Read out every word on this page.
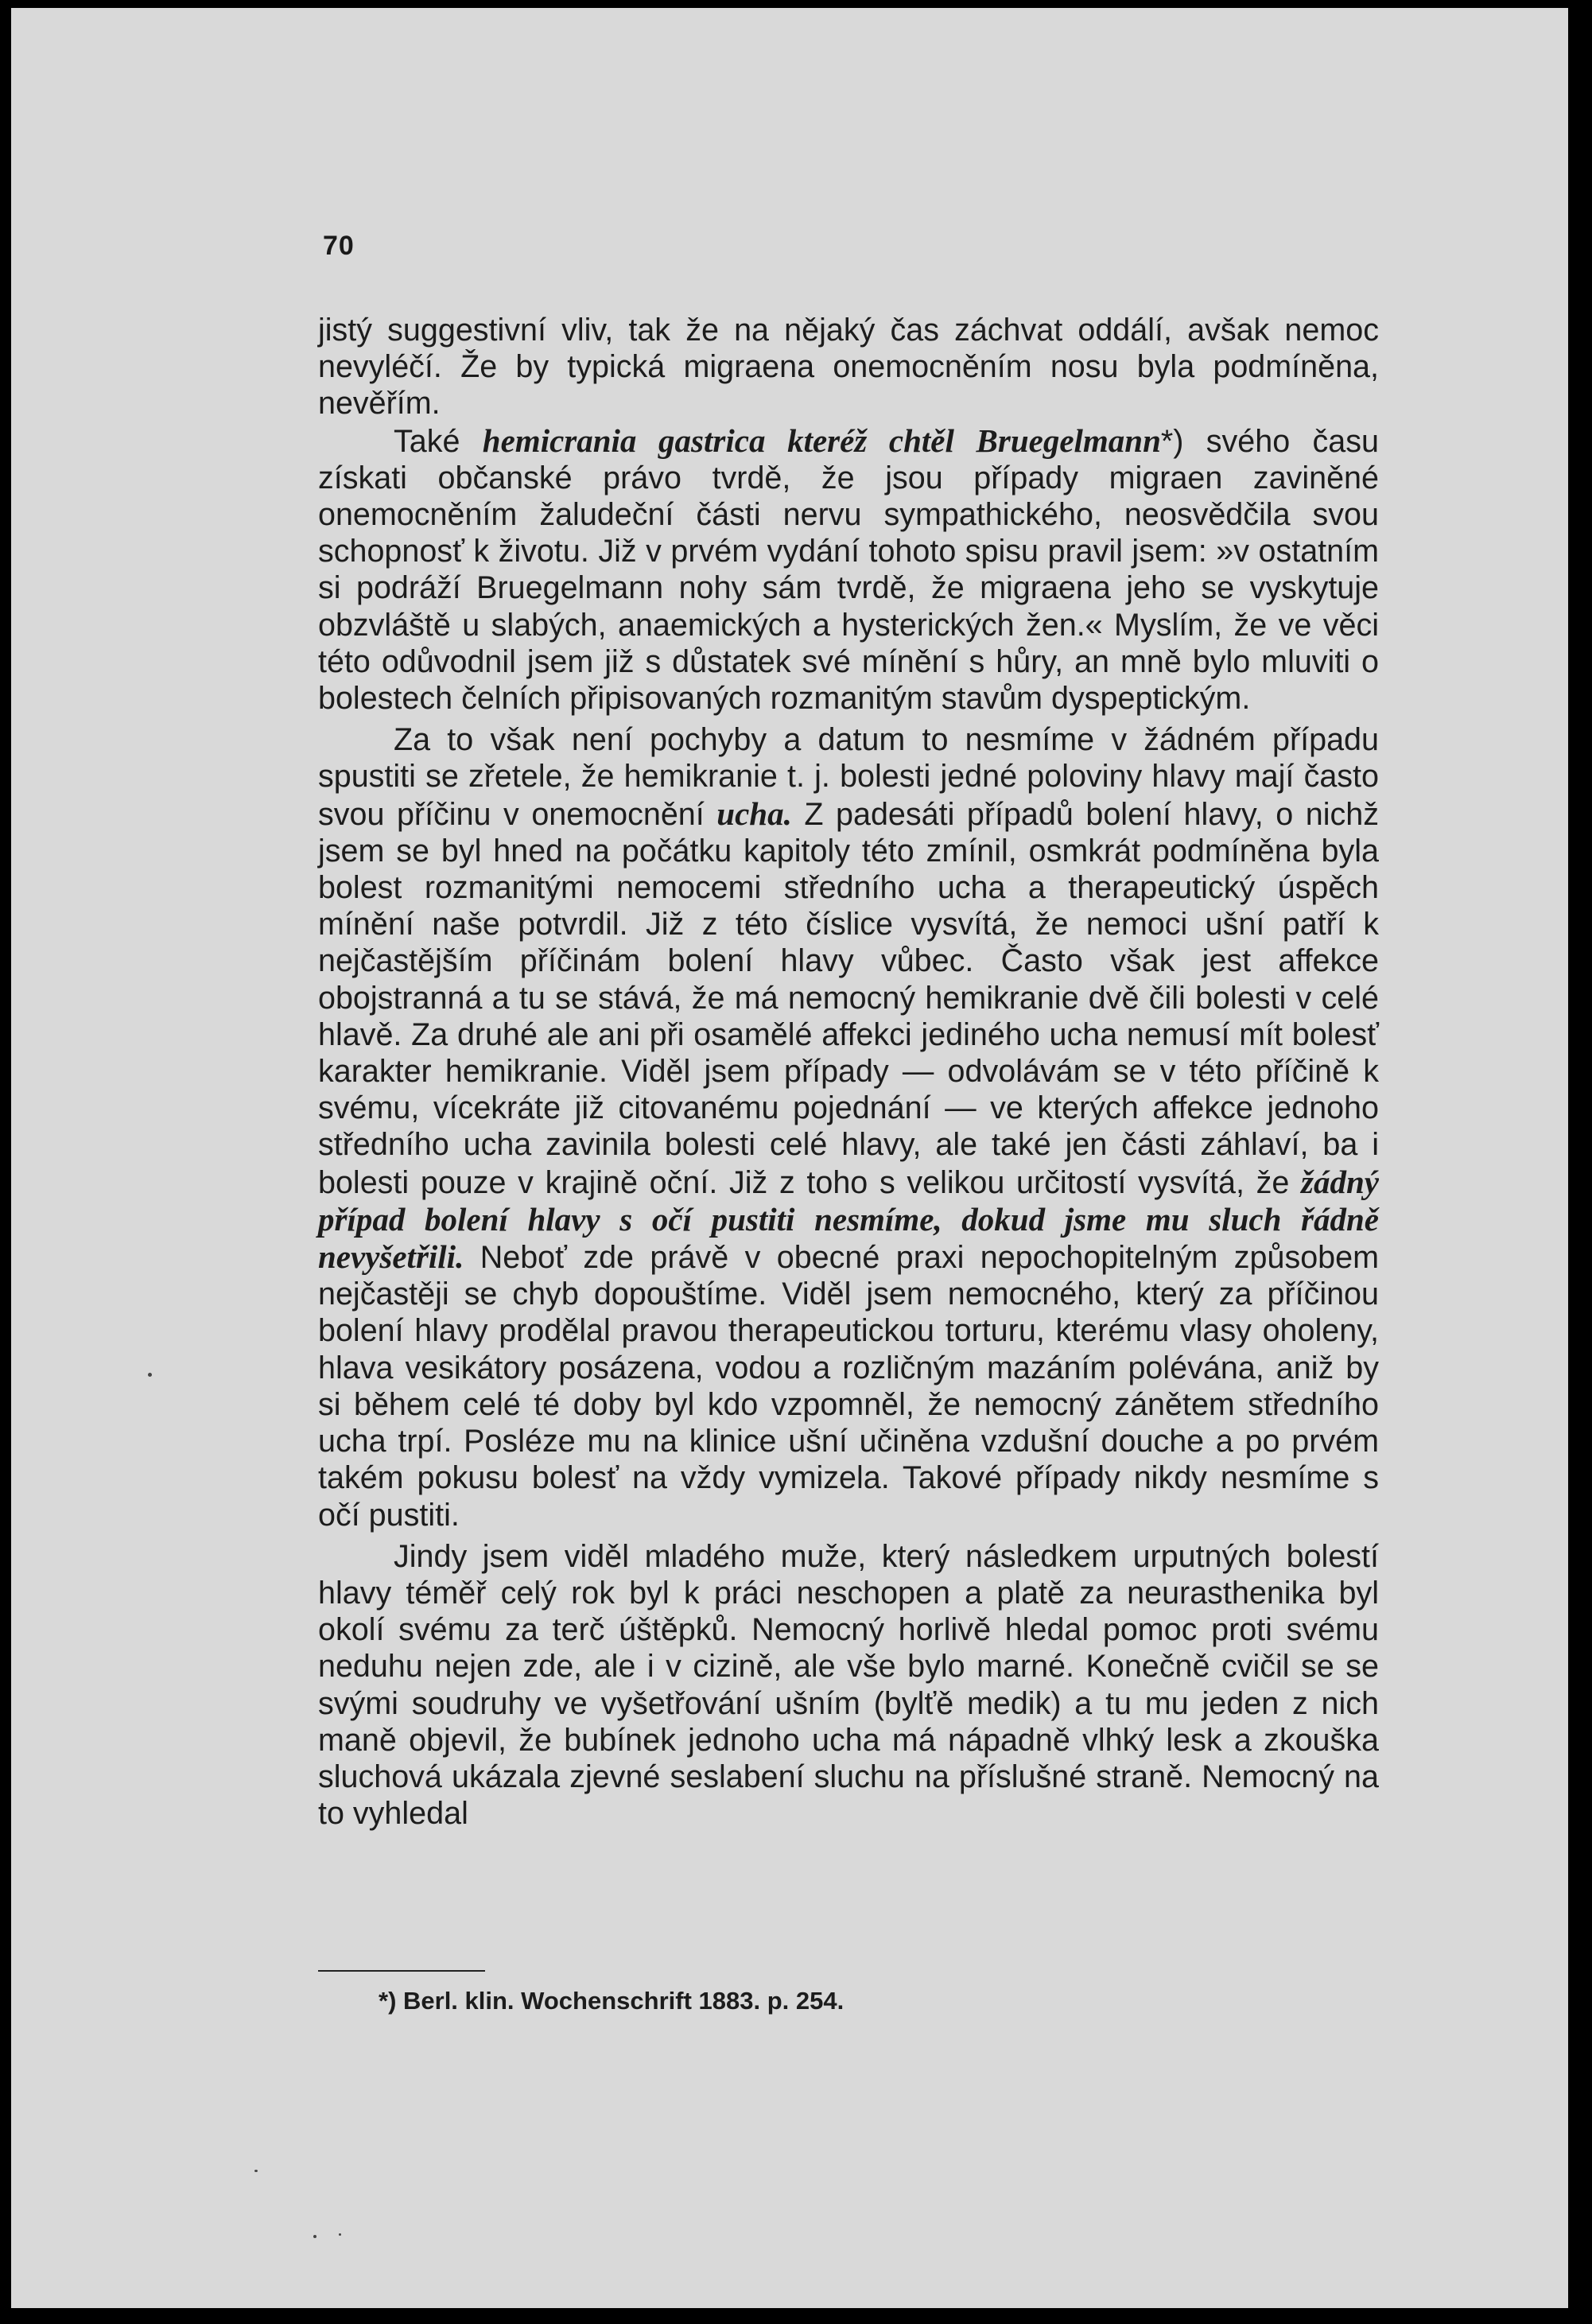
70

jistý suggestivní vliv, tak že na nějaký čas záchvat oddálí, avšak nemoc nevyléčí. Že by typická migraena onemocněním nosu byla podmíněna, nevěřím.

Také hemicrania gastrica kteréž chtěl Bruegelmann*) svého času získati občanské právo tvrdě, že jsou případy migraen zaviněné onemocněním žaludeční části nervu sympathického, neosvědčila svou schopnosť k životu. Již v prvém vydání tohoto spisu pravil jsem: »v ostatním si podráží Bruegelmann nohy sám tvrdě, že migraena jeho se vyskytuje obzvláště u slabých, anaemických a hysterických žen.« Myslím, že ve věci této odůvodnil jsem již s důstatek své mínění s hůry, an mně bylo mluviti o bolestech čelních připisovaných rozmanitým stavům dyspeptickým.

Za to však není pochyby a datum to nesmíme v žádném případu spustiti se zřetele, že hemikranie t. j. bolesti jedné poloviny hlavy mají často svou příčinu v onemocnění ucha. Z padesáti případů bolení hlavy, o nichž jsem se byl hned na počátku kapitoly této zmínil, osmkrát podmíněna byla bolest rozmanitými nemocemi středního ucha a therapeutický úspěch mínění naše potvrdil. Již z této číslice vysvítá, že nemoci ušní patří k nejčastějším příčinám bolení hlavy vůbec. Často však jest affekce obojstranná a tu se stává, že má nemocný hemikranie dvě čili bolesti v celé hlavě. Za druhé ale ani při osamělé affekci jediného ucha nemusí mít bolesť karakter hemikranie. Viděl jsem případy — odvolávám se v této příčině k svému, vícekráte již citovanému pojednání — ve kterých affekce jednoho středního ucha zavinila bolesti celé hlavy, ale také jen části záhlaví, ba i bolesti pouze v krajině oční. Již z toho s velikou určitostí vysvítá, že žádný případ bolení hlavy s očí pustiti nesmíme, dokud jsme mu sluch řádně nevyšetřili. Neboť zde právě v obecné praxi nepochopitelným způsobem nejčastěji se chyb dopouštíme. Viděl jsem nemocného, který za příčinou bolení hlavy prodělal pravou therapeutickou torturu, kterému vlasy oholeny, hlava vesikátory posázena, vodou a rozličným mazáním polévána, aniž by si během celé té doby byl kdo vzpomněl, že nemocný zánětem středního ucha trpí. Posléze mu na klinice ušní učiněna vzdušní douche a po prvém takém pokusu bolesť na vždy vymizela. Takové případy nikdy nesmíme s očí pustiti.

Jindy jsem viděl mladého muže, který následkem urputných bolestí hlavy téměř celý rok byl k práci neschopen a platě za neurasthenika byl okolí svému za terč úštěpků. Nemocný horlivě hledal pomoc proti svému neduhu nejen zde, ale i v cizině, ale vše bylo marné. Konečně cvičil se se svými soudruhy ve vyšetřování ušním (bylťě medik) a tu mu jeden z nich maně objevil, že bubínek jednoho ucha má nápadně vlhký lesk a zkouška sluchová ukázala zjevné seslabení sluchu na příslušné straně. Nemocný na to vyhledal

*) Berl. klin. Wochenschrift 1883. p. 254.
